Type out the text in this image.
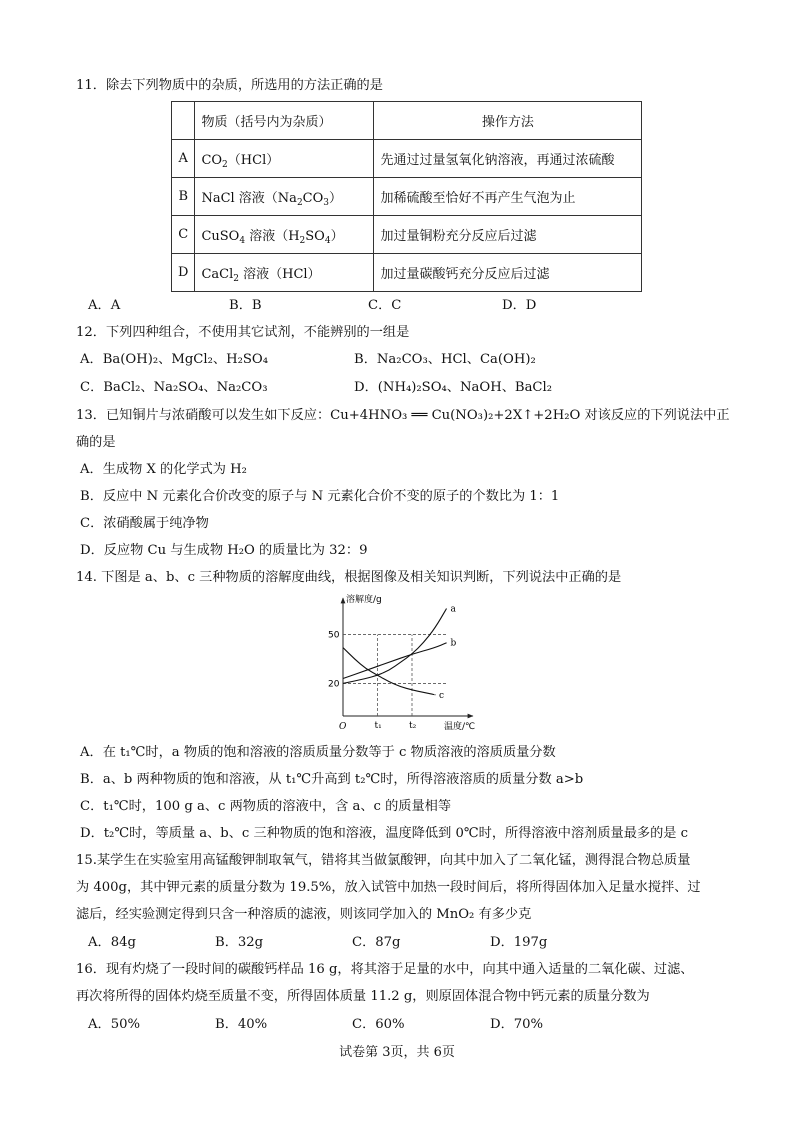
11．除去下列物质中的杂质，所选用的方法正确的是
	物质（括号内为杂质）	操作方法
A	$CO_2(HCl)$	先通过过量氢氧化钠溶液，再通过浓硫酸
B	NaCl 溶液$(Na_2CO_3)$	加稀硫酸至恰好不再产生气泡为止
C	CuSO$_4$ 溶液$(H_2SO_4)$	加过量铜粉充分反应后过滤
D	CaCl$_2$ 溶液（HCl）	加过量碳酸钙充分反应后过滤
A．A	B．B	C．C	D．D
12．下列四种组合，不使用其它试剂，不能辨别的一组是
A．Ba(OH)₂、MgCl₂、H₂SO₄	B．Na₂CO₃、HCl、Ca(OH)₂
C．BaCl₂、Na₂SO₄、Na₂CO₃	D．(NH₄)₂SO₄、NaOH、BaCl₂
13．已知铜片与浓硝酸可以发生如下反应：Cu+4HNO₃ ══ Cu(NO₃)₂+2X↑+2H₂O 对该反应的下列说法中正
确的是
A．生成物 X 的化学式为 H₂
B．反应中 N 元素化合价改变的原子与 N 元素化合价不变的原子的个数比为 1：1
C．浓硝酸属于纯净物
D．反应物 Cu 与生成物 H₂O 的质量比为 32：9
14. 下图是 a、b、c 三种物质的溶解度曲线，根据图像及相关知识判断，下列说法中正确的是
溶解度/g
温度/℃
O
20
50
t₁	t₂
a
b
c
A．在 t₁℃时，a 物质的饱和溶液的溶质质量分数等于 c 物质溶液的溶质质量分数
B．a、b 两种物质的饱和溶液，从 t₁℃升高到 t₂℃时，所得溶液溶质的质量分数 a>b
C．t₁℃时，100 g a、c 两物质的溶液中，含 a、c 的质量相等
D．t₂℃时，等质量 a、b、c 三种物质的饱和溶液，温度降低到 0℃时，所得溶液中溶剂质量最多的是 c
15.某学生在实验室用高锰酸钾制取氧气，错将其当做氯酸钾，向其中加入了二氧化锰，测得混合物总质量
为 400g，其中钾元素的质量分数为 19.5%，放入试管中加热一段时间后，将所得固体加入足量水搅拌、过
滤后，经实验测定得到只含一种溶质的滤液，则该同学加入的 MnO₂ 有多少克
A．84g	B．32g	C．87g	D．197g
16．现有灼烧了一段时间的碳酸钙样品 16 g，将其溶于足量的水中，向其中通入适量的二氧化碳、过滤、
再次将所得的固体灼烧至质量不变，所得固体质量 11.2 g，则原固体混合物中钙元素的质量分数为
A．50%	B．40%	C．60%	D．70%
试卷第 3页，共 6页
